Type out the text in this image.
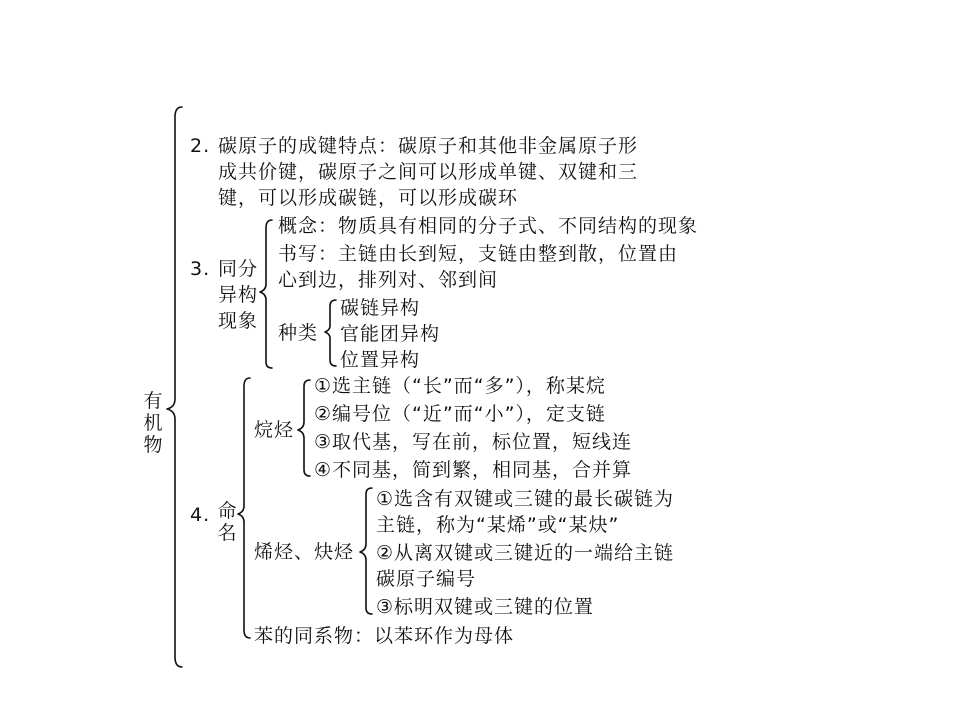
有机物
2. 碳原子的成键特点：碳原子和其他非金属原子形
成共价键，碳原子之间可以形成单键、双键和三
键，可以形成碳链，可以形成碳环
3. 同分
异构
现象
概念：物质具有相同的分子式、不同结构的现象
书写：主链由长到短，支链由整到散，位置由
心到边，排列对、邻到间
种类
碳链异构
官能团异构
位置异构
4. 命名
烷烃
①选主链（“长”而“多”），称某烷
②编号位（“近”而“小”），定支链
③取代基，写在前，标位置，短线连
④不同基，简到繁，相同基，合并算
烯烃、炔烃
①选含有双键或三键的最长碳链为
主链，称为“某烯”或“某炔”
②从离双键或三键近的一端给主链
碳原子编号
③标明双键或三键的位置
苯的同系物：以苯环作为母体
